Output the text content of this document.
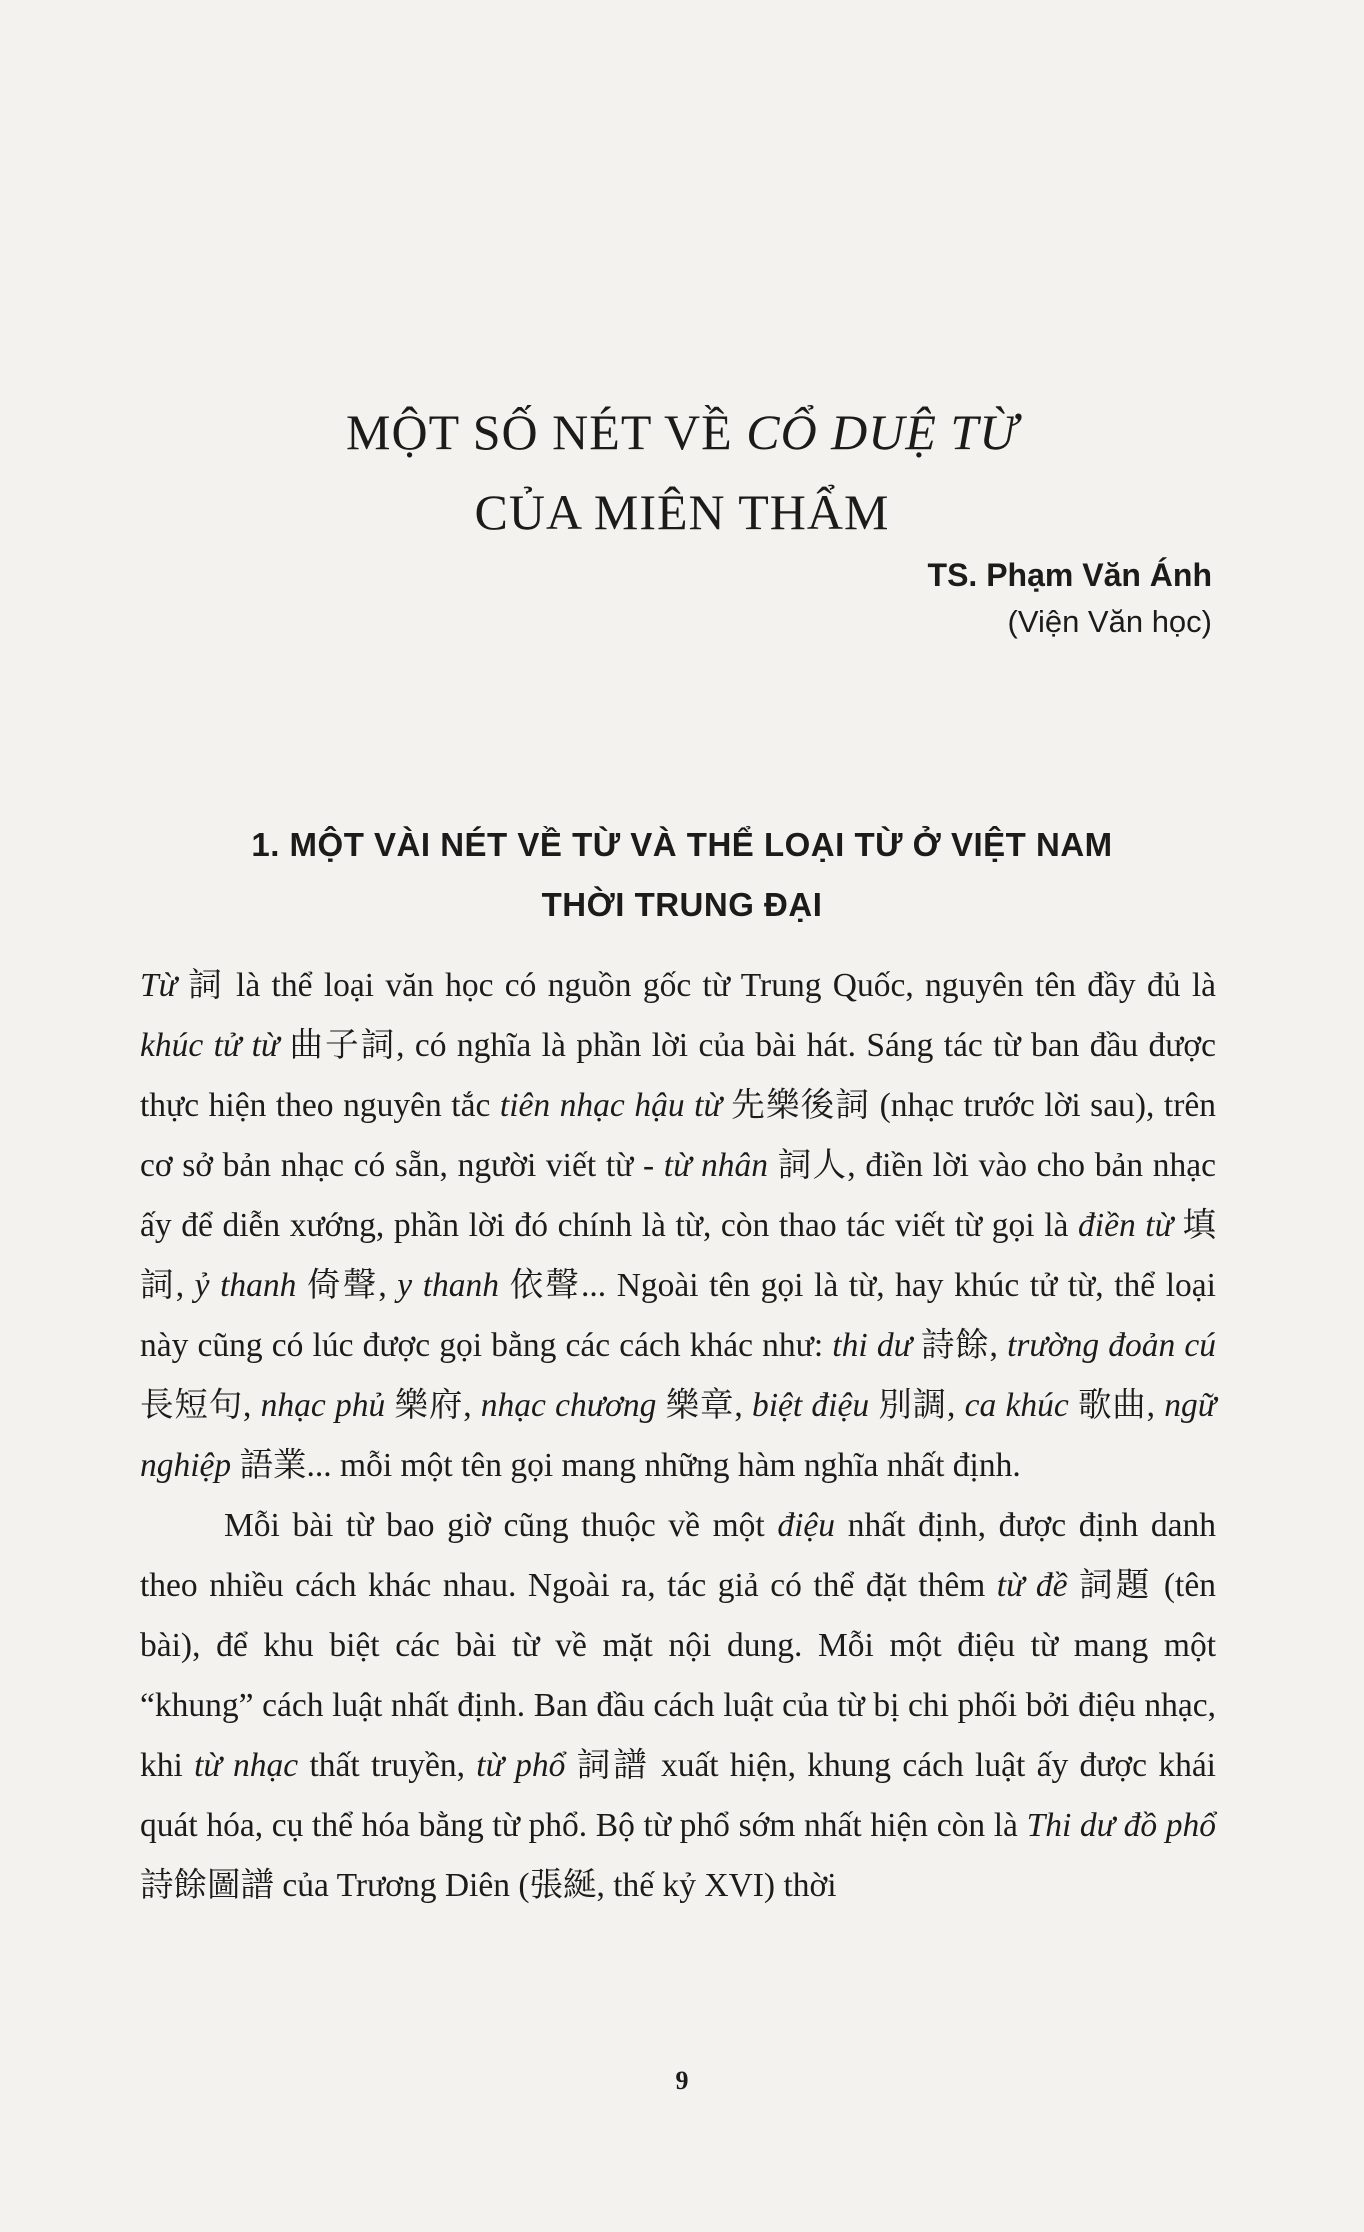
MỘT SỐ NÉT VỀ CỔ DUỆ TỪ
CỦA MIÊN THẨM
TS. Phạm Văn Ánh
(Viện Văn học)
1. MỘT VÀI NÉT VỀ TỪ VÀ THỂ LOẠI TỪ Ở VIỆT NAM
THỜI TRUNG ĐẠI

Từ 詞 là thể loại văn học có nguồn gốc từ Trung Quốc, nguyên tên đầy đủ là khúc tử từ 曲子詞, có nghĩa là phần lời của bài hát. Sáng tác từ ban đầu được thực hiện theo nguyên tắc tiên nhạc hậu từ 先樂後詞 (nhạc trước lời sau), trên cơ sở bản nhạc có sẵn, người viết từ - từ nhân 詞人, điền lời vào cho bản nhạc ấy để diễn xướng, phần lời đó chính là từ, còn thao tác viết từ gọi là điền từ 填詞, ỷ thanh 倚聲, y thanh 依聲... Ngoài tên gọi là từ, hay khúc tử từ, thể loại này cũng có lúc được gọi bằng các cách khác như: thi dư 詩餘, trường đoản cú 長短句, nhạc phủ 樂府, nhạc chương 樂章, biệt điệu 別調, ca khúc 歌曲, ngữ nghiệp 語業... mỗi một tên gọi mang những hàm nghĩa nhất định.

Mỗi bài từ bao giờ cũng thuộc về một điệu nhất định, được định danh theo nhiều cách khác nhau. Ngoài ra, tác giả có thể đặt thêm từ đề 詞題 (tên bài), để khu biệt các bài từ về mặt nội dung. Mỗi một điệu từ mang một “khung” cách luật nhất định. Ban đầu cách luật của từ bị chi phối bởi điệu nhạc, khi từ nhạc thất truyền, từ phổ 詞譜 xuất hiện, khung cách luật ấy được khái quát hóa, cụ thể hóa bằng từ phổ. Bộ từ phổ sớm nhất hiện còn là Thi dư đồ phổ 詩餘圖譜 của Trương Diên (張綖, thế kỷ XVI) thời

9
